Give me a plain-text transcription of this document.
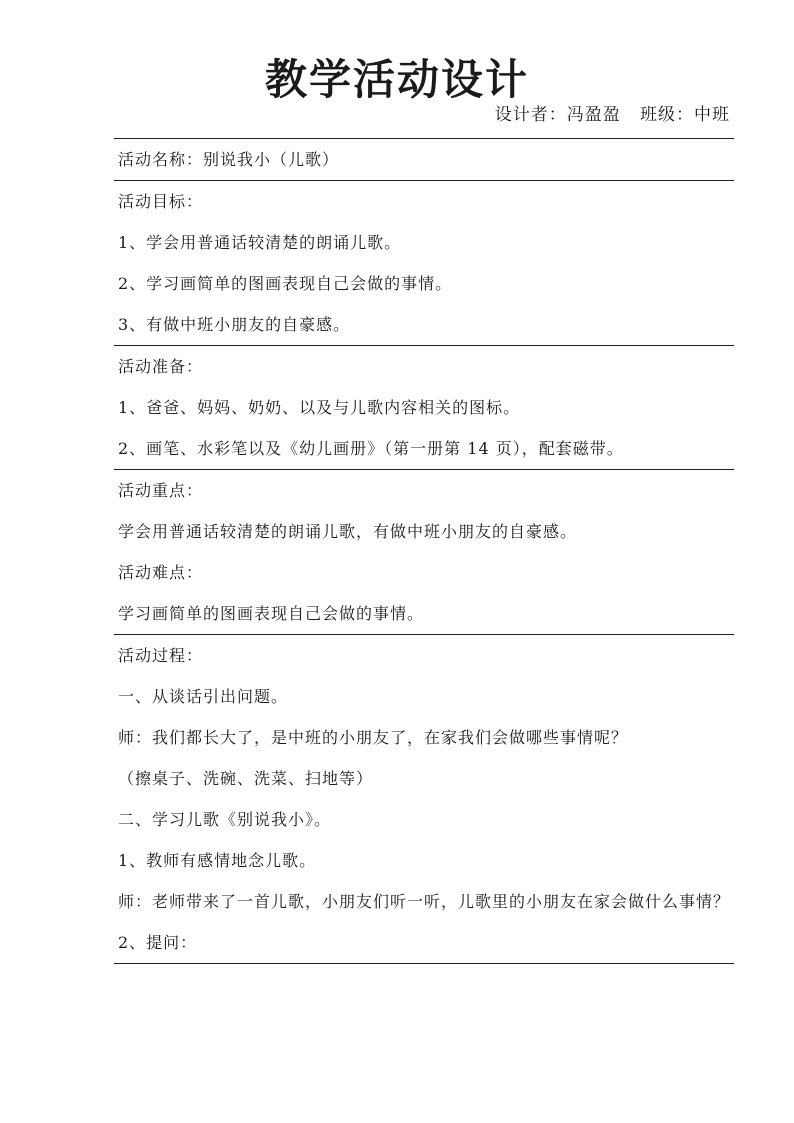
教学活动设计
设计者：冯盈盈   班级：中班
活动名称：别说我小（儿歌）
活动目标：
1、学会用普通话较清楚的朗诵儿歌。
2、学习画简单的图画表现自己会做的事情。
3、有做中班小朋友的自豪感。
活动准备：
1、爸爸、妈妈、奶奶、以及与儿歌内容相关的图标。
2、画笔、水彩笔以及《幼儿画册》（第一册第 14 页），配套磁带。
活动重点：
学会用普通话较清楚的朗诵儿歌，有做中班小朋友的自豪感。
活动难点：
学习画简单的图画表现自己会做的事情。
活动过程：
一、从谈话引出问题。
师：我们都长大了，是中班的小朋友了，在家我们会做哪些事情呢？
（擦桌子、洗碗、洗菜、扫地等）
二、学习儿歌《别说我小》。
1、教师有感情地念儿歌。
师：老师带来了一首儿歌，小朋友们听一听，儿歌里的小朋友在家会做什么事情？
2、提问：
